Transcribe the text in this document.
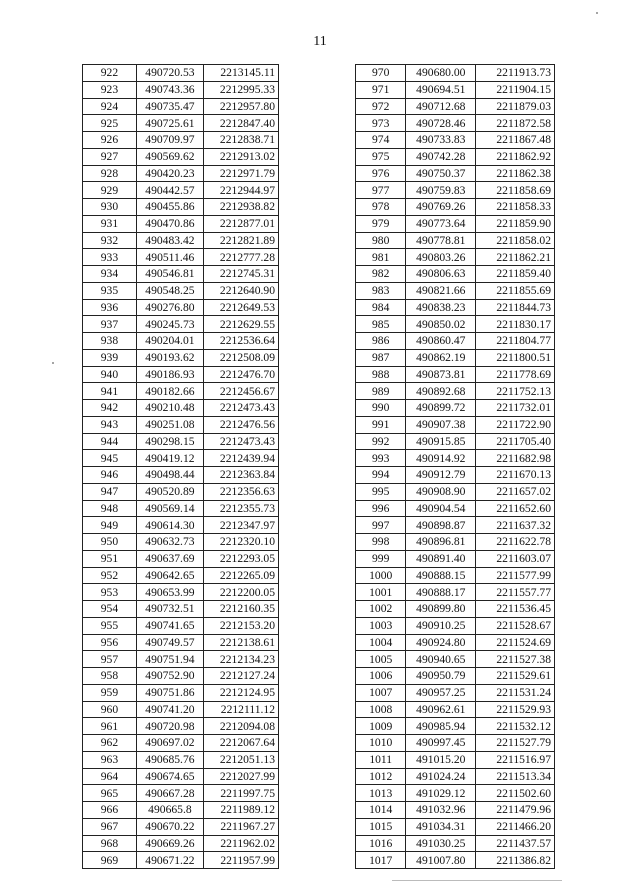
11
922	490720.53	2213145.11
923	490743.36	2212995.33
924	490735.47	2212957.80
925	490725.61	2212847.40
926	490709.97	2212838.71
927	490569.62	2212913.02
928	490420.23	2212971.79
929	490442.57	2212944.97
930	490455.86	2212938.82
931	490470.86	2212877.01
932	490483.42	2212821.89
933	490511.46	2212777.28
934	490546.81	2212745.31
935	490548.25	2212640.90
936	490276.80	2212649.53
937	490245.73	2212629.55
938	490204.01	2212536.64
939	490193.62	2212508.09
940	490186.93	2212476.70
941	490182.66	2212456.67
942	490210.48	2212473.43
943	490251.08	2212476.56
944	490298.15	2212473.43
945	490419.12	2212439.94
946	490498.44	2212363.84
947	490520.89	2212356.63
948	490569.14	2212355.73
949	490614.30	2212347.97
950	490632.73	2212320.10
951	490637.69	2212293.05
952	490642.65	2212265.09
953	490653.99	2212200.05
954	490732.51	2212160.35
955	490741.65	2212153.20
956	490749.57	2212138.61
957	490751.94	2212134.23
958	490752.90	2212127.24
959	490751.86	2212124.95
960	490741.20	2212111.12
961	490720.98	2212094.08
962	490697.02	2212067.64
963	490685.76	2212051.13
964	490674.65	2212027.99
965	490667.28	2211997.75
966	490665.8	2211989.12
967	490670.22	2211967.27
968	490669.26	2211962.02
969	490671.22	2211957.99
970	490680.00	2211913.73
971	490694.51	2211904.15
972	490712.68	2211879.03
973	490728.46	2211872.58
974	490733.83	2211867.48
975	490742.28	2211862.92
976	490750.37	2211862.38
977	490759.83	2211858.69
978	490769.26	2211858.33
979	490773.64	2211859.90
980	490778.81	2211858.02
981	490803.26	2211862.21
982	490806.63	2211859.40
983	490821.66	2211855.69
984	490838.23	2211844.73
985	490850.02	2211830.17
986	490860.47	2211804.77
987	490862.19	2211800.51
988	490873.81	2211778.69
989	490892.68	2211752.13
990	490899.72	2211732.01
991	490907.38	2211722.90
992	490915.85	2211705.40
993	490914.92	2211682.98
994	490912.79	2211670.13
995	490908.90	2211657.02
996	490904.54	2211652.60
997	490898.87	2211637.32
998	490896.81	2211622.78
999	490891.40	2211603.07
1000	490888.15	2211577.99
1001	490888.17	2211557.77
1002	490899.80	2211536.45
1003	490910.25	2211528.67
1004	490924.80	2211524.69
1005	490940.65	2211527.38
1006	490950.79	2211529.61
1007	490957.25	2211531.24
1008	490962.61	2211529.93
1009	490985.94	2211532.12
1010	490997.45	2211527.79
1011	491015.20	2211516.97
1012	491024.24	2211513.34
1013	491029.12	2211502.60
1014	491032.96	2211479.96
1015	491034.31	2211466.20
1016	491030.25	2211437.57
1017	491007.80	2211386.82
